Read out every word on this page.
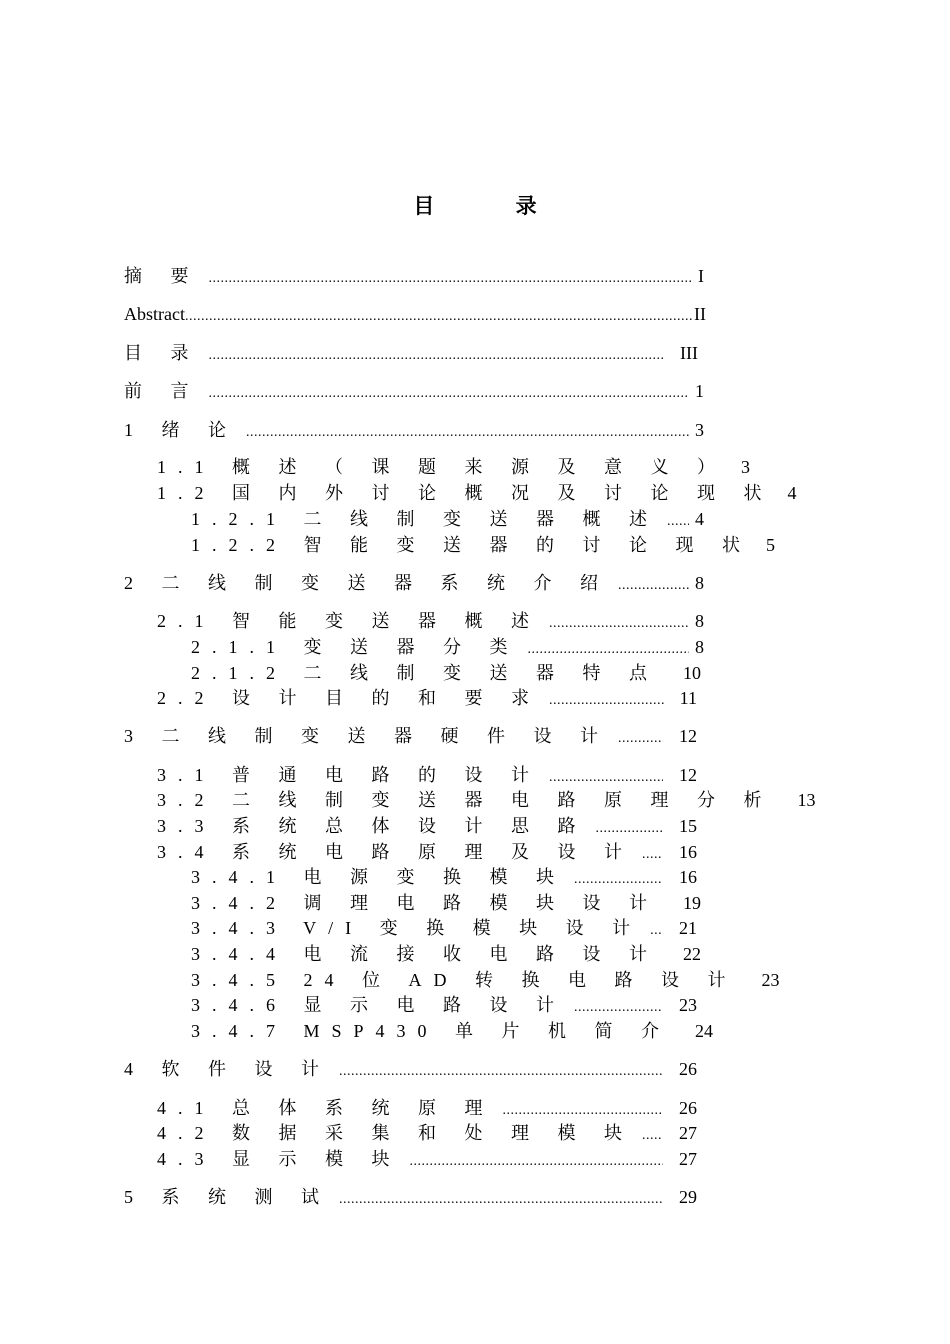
目 录
摘 要 .....	I
Abstract .....	II
目 录 .....	III
前 言 .....	1
1 绪 论 .....	3
1.1 概 述 （ 课 题 来 源 及 意 义 ） 3
1.2 国 内 外 讨 论 概 况 及 讨 论 现 状 4
1.2.1 二 线 制 变 送 器 概 述 ..... 4
1.2.2 智 能 变 送 器 的 讨 论 现 状 5
2 二 线 制 变 送 器 系 统 介 绍 .....	8
2.1 智 能 变 送 器 概 述 .....	8
2.1.1 变 送 器 分 类 .....	8
2.1.2 二 线 制 变 送 器 特 点 10
2.2 设 计 目 的 和 要 求 .....	11
3 二 线 制 变 送 器 硬 件 设 计 .....	12
3.1 普 通 电 路 的 设 计 .....	12
3.2 二 线 制 变 送 器 电 路 原 理 分 析 13
3.3 系 统 总 体 设 计 思 路 .....	15
3.4 系 统 电 路 原 理 及 设 计 .....	16
3.4.1 电 源 变 换 模 块 .....	16
3.4.2 调 理 电 路 模 块 设 计 19
3.4.3 V/I 变 换 模 块 设 计 ..... 21
3.4.4 电 流 接 收 电 路 设 计 22
3.4.5 24 位 AD 转 换 电 路 设 计 23
3.4.6 显 示 电 路 设 计 .....	23
3.4.7 MSP430 单 片 机 简 介 24
4 软 件 设 计 .....	26
4.1 总 体 系 统 原 理 .....	26
4.2 数 据 采 集 和 处 理 模 块 .....	27
4.3 显 示 模 块 .....	27
5 系 统 测 试 .....	29
